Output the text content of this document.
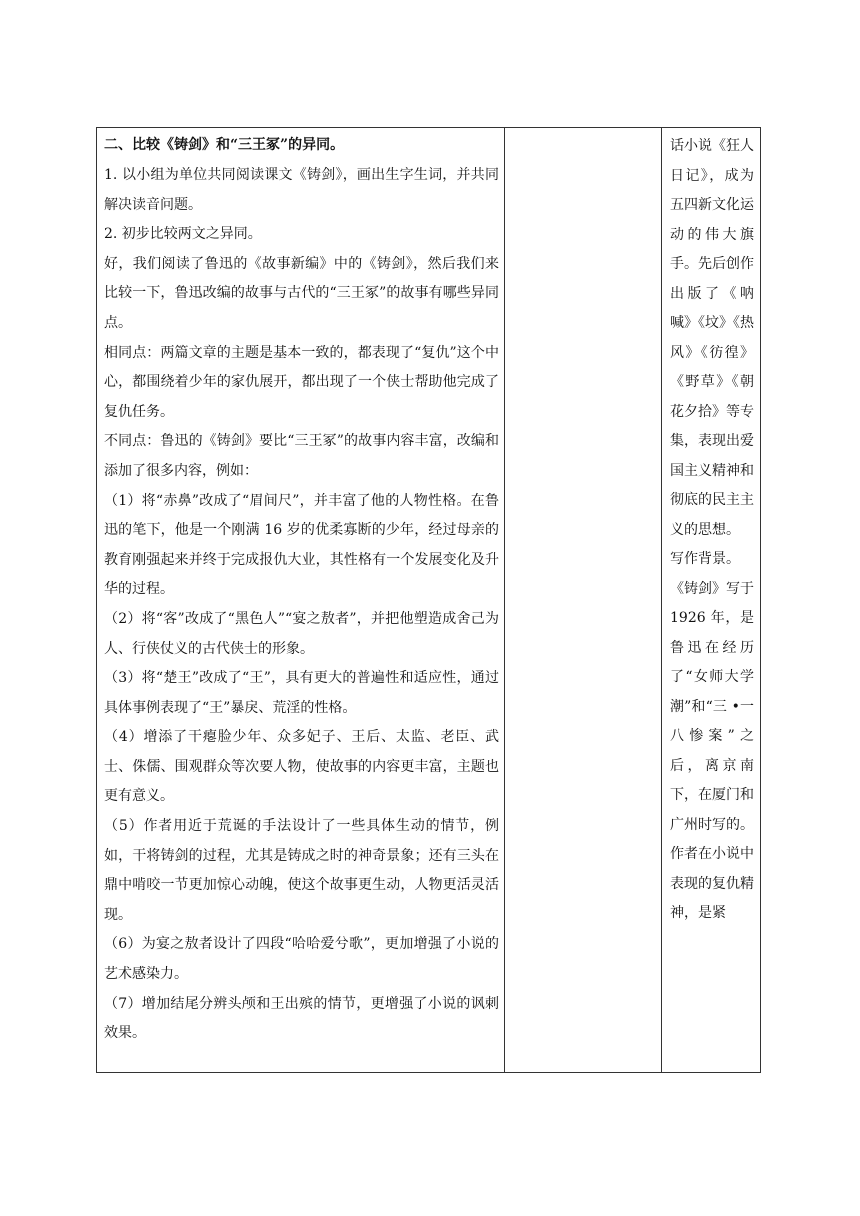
二、比较《铸剑》和“三王冢”的异同。

1. 以小组为单位共同阅读课文《铸剑》，画出生字生词，并共同解决读音问题。

2. 初步比较两文之异同。

好，我们阅读了鲁迅的《故事新编》中的《铸剑》，然后我们来比较一下，鲁迅改编的故事与古代的“三王冢”的故事有哪些异同点。

相同点：两篇文章的主题是基本一致的，都表现了“复仇”这个中心，都围绕着少年的家仇展开，都出现了一个侠士帮助他完成了复仇任务。

不同点：鲁迅的《铸剑》要比“三王冢”的故事内容丰富，改编和添加了很多内容，例如：

（1）将“赤鼻”改成了“眉间尺”，并丰富了他的人物性格。在鲁迅的笔下，他是一个刚满 16 岁的优柔寡断的少年，经过母亲的教育刚强起来并终于完成报仇大业，其性格有一个发展变化及升华的过程。

（2）将“客”改成了“黑色人”“宴之敖者”，并把他塑造成舍己为人、行侠仗义的古代侠士的形象。

（3）将“楚王”改成了“王”，具有更大的普遍性和适应性，通过具体事例表现了“王”暴戾、荒淫的性格。

（4）增添了干瘪脸少年、众多妃子、王后、太监、老臣、武士、侏儒、围观群众等次要人物，使故事的内容更丰富，主题也更有意义。

（5）作者用近于荒诞的手法设计了一些具体生动的情节，例如，干将铸剑的过程，尤其是铸成之时的神奇景象；还有三头在鼎中啃咬一节更加惊心动魄，使这个故事更生动，人物更活灵活现。

（6）为宴之敖者设计了四段“哈哈爱兮歌”，更加增强了小说的艺术感染力。

（7）增加结尾分辨头颅和王出殡的情节，更增强了小说的讽刺效果。

话小说《狂人日记》，成为五四新文化运动的伟大旗手。先后创作出版了《呐喊》《坟》《热风》《彷徨》《野草》《朝花夕拾》等专集，表现出爱国主义精神和彻底的民主主义的思想。

写作背景。

《铸剑》写于 1926 年，是鲁迅在经历了“女师大学潮”和“三 •一八惨案”之后，离京南下，在厦门和广州时写的。作者在小说中表现的复仇精神，是紧
